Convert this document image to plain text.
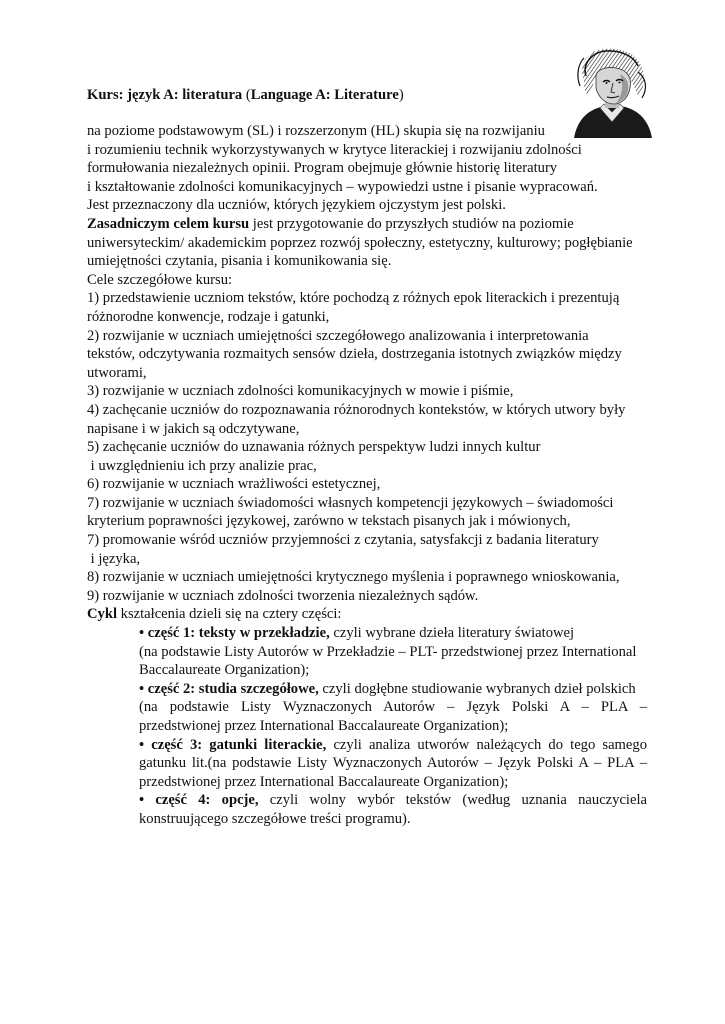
Kurs: język A: literatura (Language A: Literature)
na poziome podstawowym (SL) i rozszerzonym (HL) skupia się na rozwijaniu
i rozumieniu technik wykorzystywanych w krytyce literackiej i rozwijaniu zdolności
formułowania niezależnych opinii. Program obejmuje głównie historię literatury
i kształtowanie zdolności komunikacyjnych – wypowiedzi ustne i pisanie wypracowań.
Jest przeznaczony dla uczniów, których językiem ojczystym jest polski.
Zasadniczym celem kursu jest przygotowanie do przyszłych studiów na poziomie
uniwersyteckim/ akademickim poprzez rozwój społeczny, estetyczny, kulturowy; pogłębianie
umiejętności czytania, pisania i komunikowania się.
Cele szczegółowe kursu:
1) przedstawienie uczniom tekstów, które pochodzą z różnych epok literackich i prezentują
różnorodne konwencje, rodzaje i gatunki,
2) rozwijanie w uczniach umiejętności szczegółowego analizowania i interpretowania
tekstów, odczytywania rozmaitych sensów dzieła, dostrzegania istotnych związków między
utworami,
3) rozwijanie w uczniach zdolności komunikacyjnych w mowie i piśmie,
4) zachęcanie uczniów do rozpoznawania różnorodnych kontekstów, w których utwory były
napisane i w jakich są odczytywane,
5) zachęcanie uczniów do uznawania różnych perspektyw ludzi innych kultur
i uwzględnieniu ich przy analizie prac,
6) rozwijanie w uczniach wrażliwości estetycznej,
7) rozwijanie w uczniach świadomości własnych kompetencji językowych – świadomości
kryterium poprawności językowej, zarówno w tekstach pisanych jak i mówionych,
7) promowanie wśród uczniów przyjemności z czytania, satysfakcji z badania literatury
i języka,
8) rozwijanie w uczniach umiejętności krytycznego myślenia i poprawnego wnioskowania,
9) rozwijanie w uczniach zdolności tworzenia niezależnych sądów.
Cykl kształcenia dzieli się na cztery części:
• część 1: teksty w przekładzie, czyli wybrane dzieła literatury światowej
(na podstawie Listy Autorów w Przekładzie – PLT- przedstwionej przez International
Baccalaureate Organization);
• część 2: studia szczegółowe, czyli dogłębne studiowanie wybranych dzieł polskich
(na podstawie Listy Wyznaczonych Autorów – Język Polski A – PLA –
przedstwionej przez International Baccalaureate Organization);
• część 3: gatunki literackie, czyli analiza utworów należących do tego samego
gatunku lit.(na podstawie Listy Wyznaczonych Autorów – Język Polski A – PLA –
przedstwionej przez International Baccalaureate Organization);
• część 4: opcje, czyli wolny wybór tekstów (według uznania nauczyciela
konstruującego szczegółowe treści programu).
